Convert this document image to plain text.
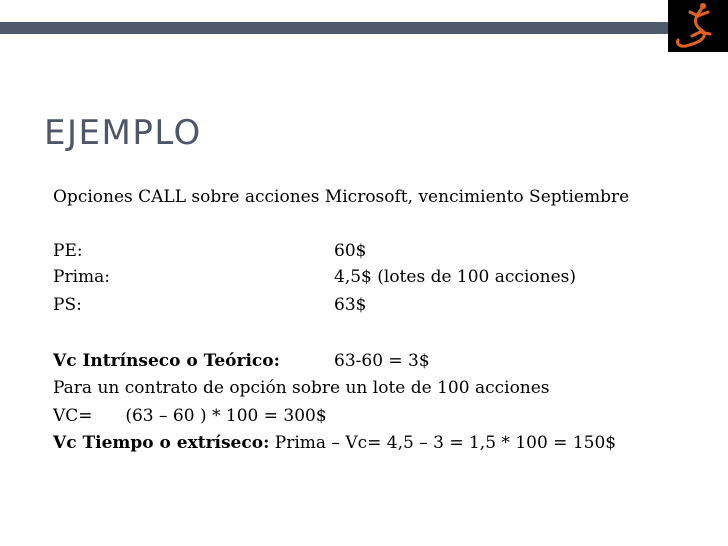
EJEMPLO
Opciones CALL sobre acciones Microsoft, vencimiento Septiembre
PE:	60$
Prima:	4,5$ (lotes de 100 acciones)
PS:	63$
Vc Intrínseco o Teórico:	63-60 = 3$
Para un contrato de opción sobre un lote de 100 acciones
VC= (63 – 60 ) * 100 = 300$
Vc Tiempo o extríseco: Prima – Vc= 4,5 – 3 = 1,5 * 100 = 150$
